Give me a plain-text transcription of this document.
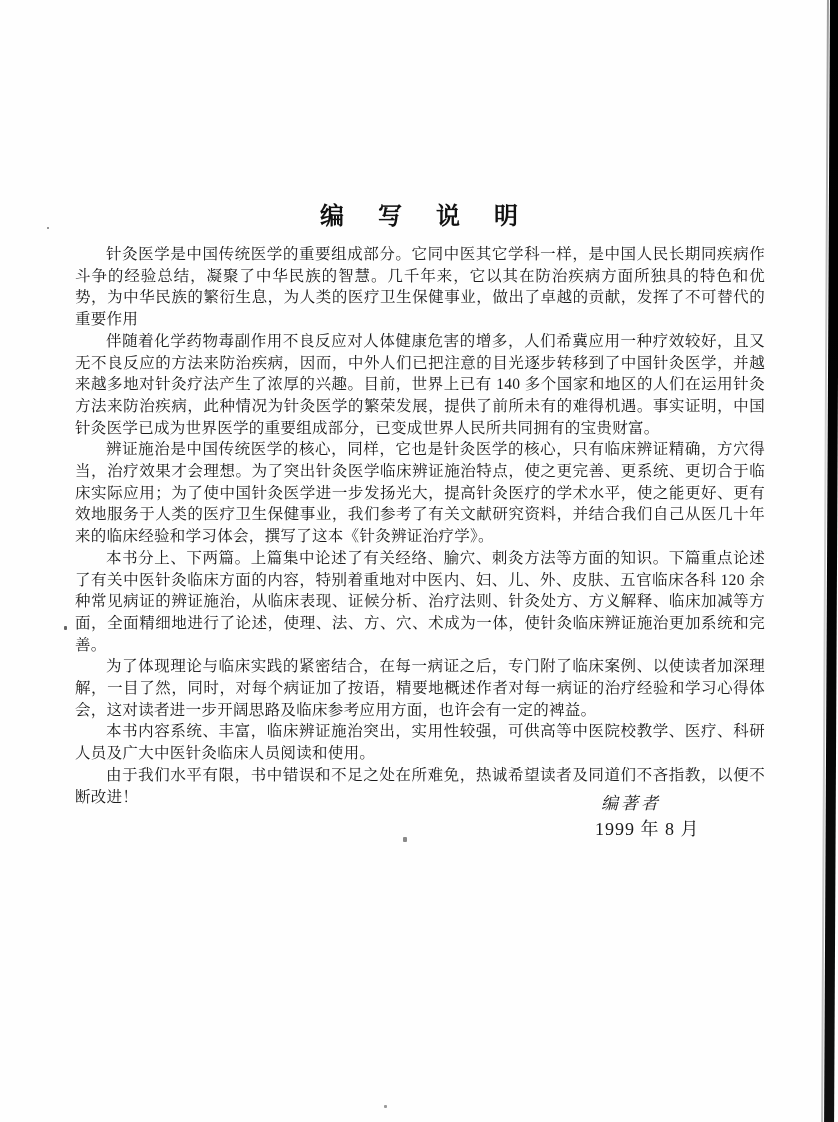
编 写 说 明

针灸医学是中国传统医学的重要组成部分。它同中医其它学科一样，是中国人民长期同疾病作斗争的经验总结，凝聚了中华民族的智慧。几千年来，它以其在防治疾病方面所独具的特色和优势，为中华民族的繁衍生息，为人类的医疗卫生保健事业，做出了卓越的贡献，发挥了不可替代的重要作用

伴随着化学药物毒副作用不良反应对人体健康危害的增多，人们希冀应用一种疗效较好，且又无不良反应的方法来防治疾病，因而，中外人们已把注意的目光逐步转移到了中国针灸医学，并越来越多地对针灸疗法产生了浓厚的兴趣。目前，世界上已有 140 多个国家和地区的人们在运用针灸方法来防治疾病，此种情况为针灸医学的繁荣发展，提供了前所未有的难得机遇。事实证明，中国针灸医学已成为世界医学的重要组成部分，已变成世界人民所共同拥有的宝贵财富。

辨证施治是中国传统医学的核心，同样，它也是针灸医学的核心，只有临床辨证精确，方穴得当，治疗效果才会理想。为了突出针灸医学临床辨证施治特点，使之更完善、更系统、更切合于临床实际应用；为了使中国针灸医学进一步发扬光大，提高针灸医疗的学术水平，使之能更好、更有效地服务于人类的医疗卫生保健事业，我们参考了有关文献研究资料，并结合我们自己从医几十年来的临床经验和学习体会，撰写了这本《针灸辨证治疗学》。

本书分上、下两篇。上篇集中论述了有关经络、腧穴、刺灸方法等方面的知识。下篇重点论述了有关中医针灸临床方面的内容，特别着重地对中医内、妇、儿、外、皮肤、五官临床各科 120 余种常见病证的辨证施治，从临床表现、证候分析、治疗法则、针灸处方、方义解释、临床加减等方面，全面精细地进行了论述，使理、法、方、穴、术成为一体，使针灸临床辨证施治更加系统和完善。

为了体现理论与临床实践的紧密结合，在每一病证之后，专门附了临床案例、以使读者加深理解，一目了然，同时，对每个病证加了按语，精要地概述作者对每一病证的治疗经验和学习心得体会，这对读者进一步开阔思路及临床参考应用方面，也许会有一定的裨益。

本书内容系统、丰富，临床辨证施治突出，实用性较强，可供高等中医院校教学、医疗、科研人员及广大中医针灸临床人员阅读和使用。

由于我们水平有限，书中错误和不足之处在所难免，热诚希望读者及同道们不吝指教，以便不断改进！	编著者
1999 年 8 月
